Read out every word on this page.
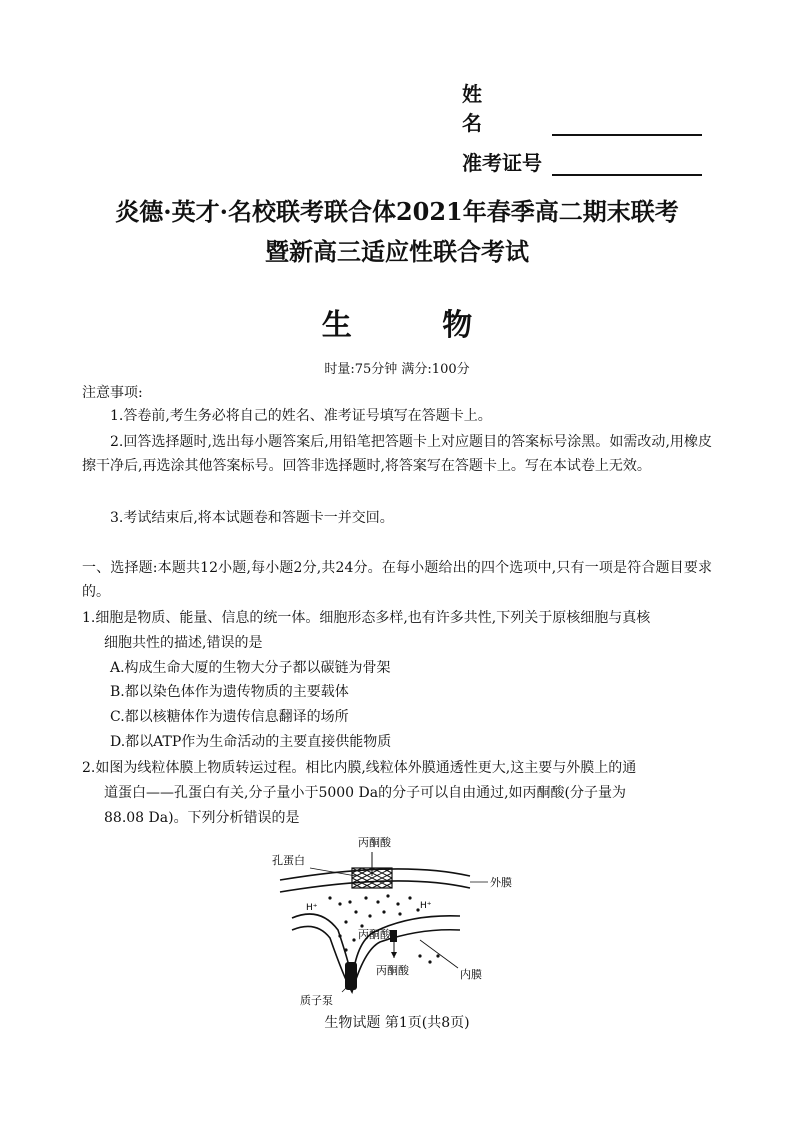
姓名
准考证号
炎德·英才·名校联考联合体2021年春季高二期末联考
暨新高三适应性联合考试
生 物
时量:75分钟 满分:100分
注意事项:
1.答卷前,考生务必将自己的姓名、准考证号填写在答题卡上。
2.回答选择题时,选出每小题答案后,用铅笔把答题卡上对应题目的答案标号涂黑。如需改动,用橡皮擦干净后,再选涂其他答案标号。回答非选择题时,将答案写在答题卡上。写在本试卷上无效。
3.考试结束后,将本试题卷和答题卡一并交回。
一、选择题:本题共12小题,每小题2分,共24分。在每小题给出的四个选项中,只有一项是符合题目要求的。
1.细胞是物质、能量、信息的统一体。细胞形态多样,也有许多共性,下列关于原核细胞与真核
细胞共性的描述,错误的是
A.构成生命大厦的生物大分子都以碳链为骨架
B.都以染色体作为遗传物质的主要载体
C.都以核糖体作为遗传信息翻译的场所
D.都以ATP作为生命活动的主要直接供能物质
2.如图为线粒体膜上物质转运过程。相比内膜,线粒体外膜通透性更大,这主要与外膜上的通
道蛋白——孔蛋白有关,分子量小于5000 Da的分子可以自由通过,如丙酮酸(分子量为
88.08 Da)。下列分析错误的是
丙酮酸
孔蛋白
外膜
H⁺	H⁺
丙酮酸
丙酮酸	内膜
质子泵
生物试题 第1页(共8页)
